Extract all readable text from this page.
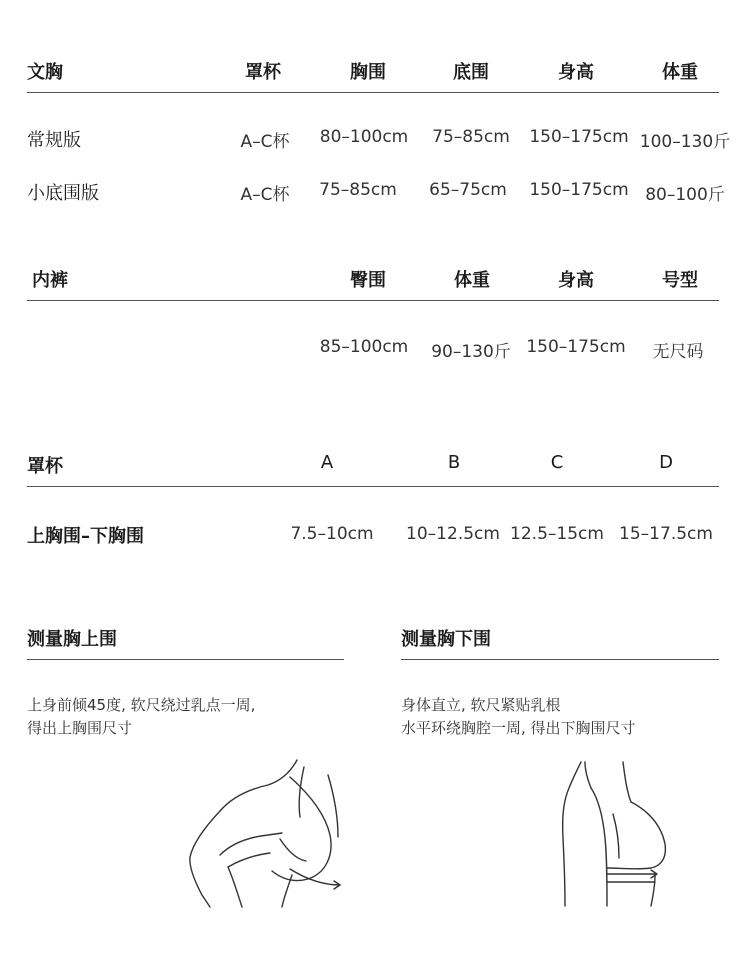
文胸	罩杯	胸围	底围	身高	体重
常规版	A–C杯 80–100cm 75–85cm 150–175cm 100–130斤
小底围版	A–C杯 75–85cm 65–75cm 150–175cm 80–100斤
内裤	臀围	体重	身高	号型
85–100cm 90–130斤 150–175cm 无尺码
罩杯	A	B	C	D
上胸围–下胸围	7.5–10cm 10–12.5cm 12.5–15cm 15–17.5cm
测量胸上围
上身前倾45度, 软尺绕过乳点一周,
得出上胸围尺寸
测量胸下围
身体直立, 软尺紧贴乳根
水平环绕胸腔一周, 得出下胸围尺寸
